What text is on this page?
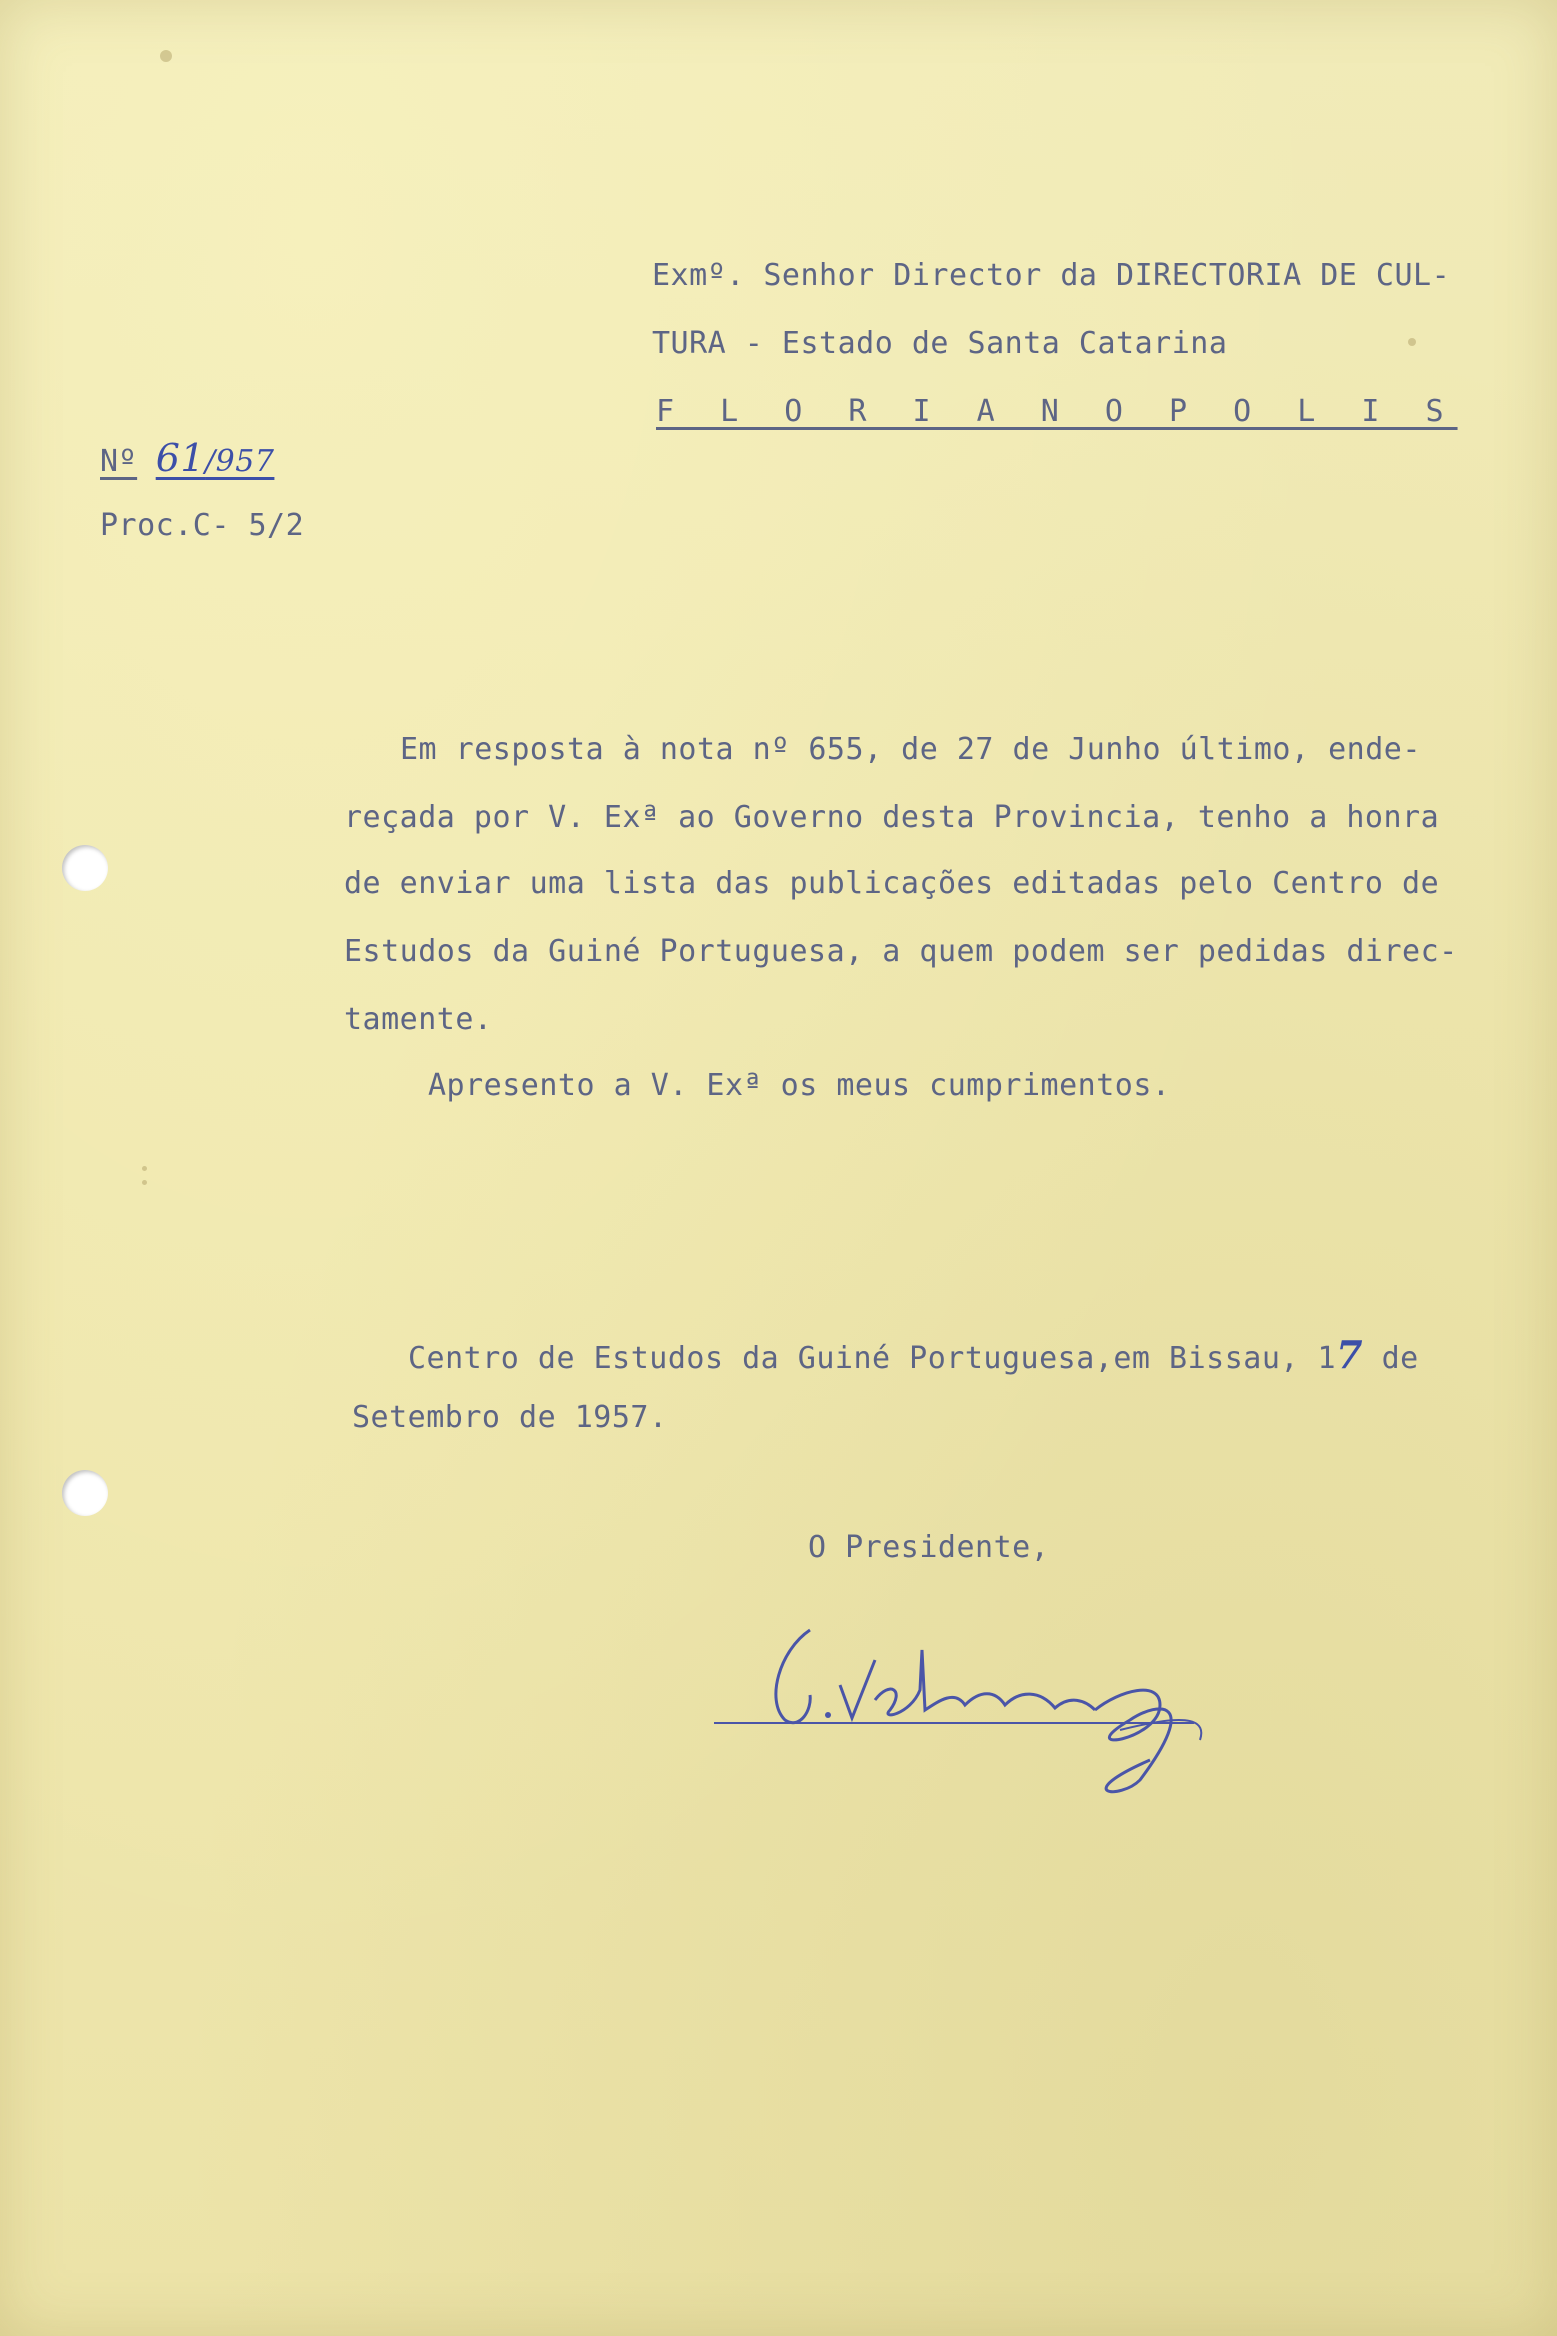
Exmº. Senhor Director da DIRECTORIA DE CUL-
TURA - Estado de Santa Catarina
F L O R I A N O P O L I S
Nº 61/957
Proc.C- 5/2
Em resposta à nota nº 655, de 27 de Junho último, ende-
reçada por V. Exª ao Governo desta Provincia, tenho a honra
de enviar uma lista das publicações editadas pelo Centro de
Estudos da Guiné Portuguesa, a quem podem ser pedidas direc-
tamente.
Apresento a V. Exª os meus cumprimentos.
Centro de Estudos da Guiné Portuguesa,em Bissau, 17 de
Setembro de 1957.
O Presidente,
